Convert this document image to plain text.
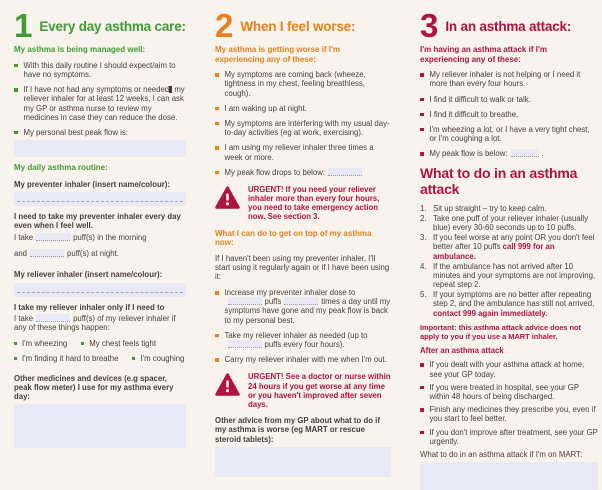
1 Every day asthma care:
My asthma is being managed well:
With this daily routine I should expect/aim to have no symptoms.
If I have not had any symptoms or needed my reliever inhaler for at least 12 weeks, I can ask my GP or asthma nurse to review my medicines in case they can reduce the dose.
My personal best peak flow is:
My daily asthma routine:
My preventer inhaler (insert name/colour):
I need to take my preventer inhaler every day even when I feel well.
I take	puff(s) in the morning
and	puff(s) at night.
My reliever inhaler (insert name/colour):
I take my reliever inhaler only if I need to
I take	puff(s) of my reliever inhaler if any of these things happen:
I'm wheezing	My chest feels tight
I'm finding it hard to breathe	I'm coughing
Other medicines and devices (e.g spacer, peak flow meter) I use for my asthma every day:
2 When I feel worse:
My asthma is getting worse if I'm experiencing any of these:
My symptoms are coming back (wheeze, tightness in my chest, feeling breathless, cough).
I am waking up at night.
My symptoms are interfering with my usual day-to-day activities (eg at work, exercising).
I am using my reliever inhaler three times a week or more.
My peak flow drops to below:
URGENT! If you need your reliever inhaler more than every four hours, you need to take emergency action now. See section 3.
What I can do to get on top of my asthma now:
If I haven't been using my preventer inhaler, I'll start using it regularly again or if I have been using it:
Increase my preventer inhaler dose topuffs	times a day until my symptoms have gone and my peak flow is back to my personal best.
Take my reliever inhaler as needed (up topuffs every four hours).
Carry my reliever inhaler with me when I'm out.
URGENT! See a doctor or nurse within 24 hours if you get worse at any time or you haven't improved after seven days.
Other advice from my GP about what to do if my asthma is worse (eg MART or rescue steroid tablets):
3 In an asthma attack:
I'm having an asthma attack if I'm experiencing any of these:
My reliever inhaler is not helping or I need it more than every four hours.
I find it difficult to walk or talk.
I find it difficult to breathe.
I'm wheezing a lot, or I have a very tight chest, or I'm coughing a lot.
My peak flow is below:	.
What to do in an asthma attack
1. Sit up straight – try to keep calm.
2. Take one puff of your reliever inhaler (usually blue) every 30-60 seconds up to 10 puffs.
3. If you feel worse at any point OR you don't feel better after 10 puffs call 999 for an ambulance.
4. If the ambulance has not arrived after 10 minutes and your symptoms are not improving, repeat step 2.
5. If your symptoms are no better after repeating step 2, and the ambulance has still not arrived, contact 999 again immediately.
Important: this asthma attack advice does not apply to you if you use a MART inhaler.
After an asthma attack
If you dealt with your asthma attack at home, see your GP today.
If you were treated in hospital, see your GP within 48 hours of being discharged.
Finish any medicines they prescribe you, even if you start to feel better.
If you don't improve after treatment, see your GP urgently.
What to do in an asthma attack if I'm on MART:
